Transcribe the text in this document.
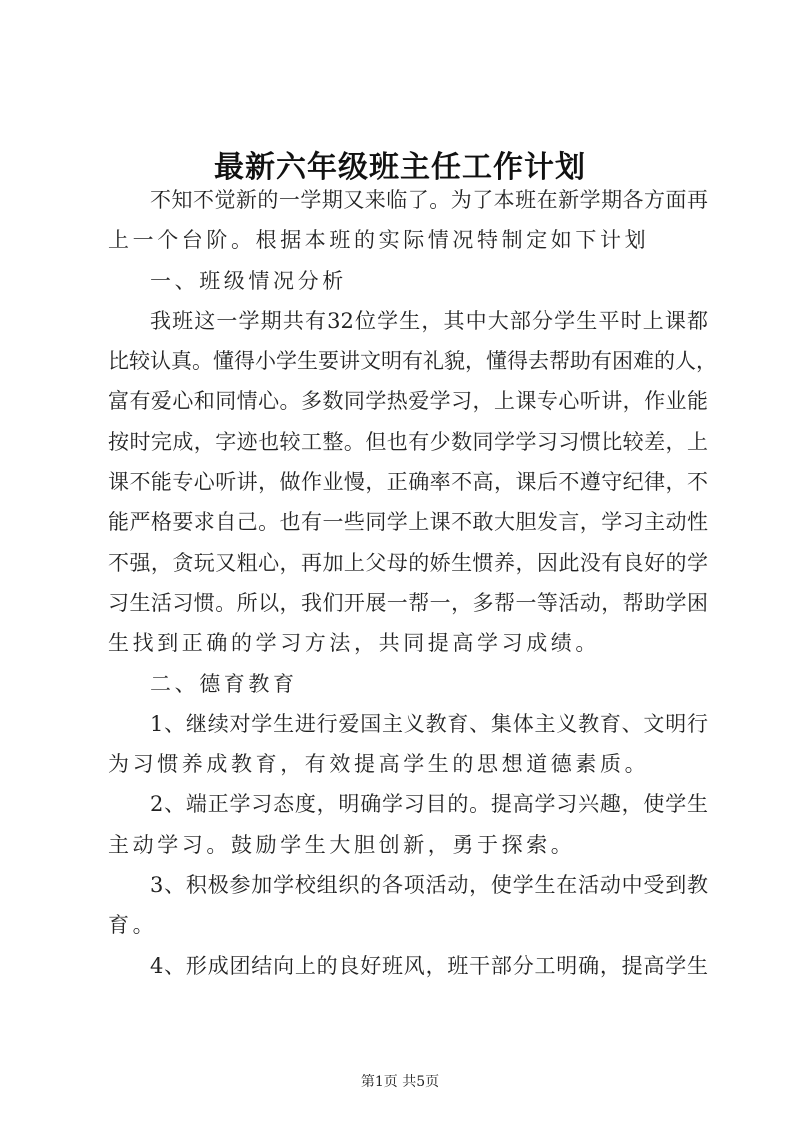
最新六年级班主任工作计划
不知不觉新的一学期又来临了。为了本班在新学期各方面再
上一个台阶。根据本班的实际情况特制定如下计划
一、班级情况分析
我班这一学期共有32位学生，其中大部分学生平时上课都
比较认真。懂得小学生要讲文明有礼貌，懂得去帮助有困难的人，
富有爱心和同情心。多数同学热爱学习，上课专心听讲，作业能
按时完成，字迹也较工整。但也有少数同学学习习惯比较差，上
课不能专心听讲，做作业慢，正确率不高，课后不遵守纪律，不
能严格要求自己。也有一些同学上课不敢大胆发言，学习主动性
不强，贪玩又粗心，再加上父母的娇生惯养，因此没有良好的学
习生活习惯。所以，我们开展一帮一，多帮一等活动，帮助学困
生找到正确的学习方法，共同提高学习成绩。
二、德育教育
1、继续对学生进行爱国主义教育、集体主义教育、文明行
为习惯养成教育，有效提高学生的思想道德素质。
2、端正学习态度，明确学习目的。提高学习兴趣，使学生
主动学习。鼓励学生大胆创新，勇于探索。
3、积极参加学校组织的各项活动，使学生在活动中受到教
育。
4、形成团结向上的良好班风，班干部分工明确，提高学生
第1页 共5页
